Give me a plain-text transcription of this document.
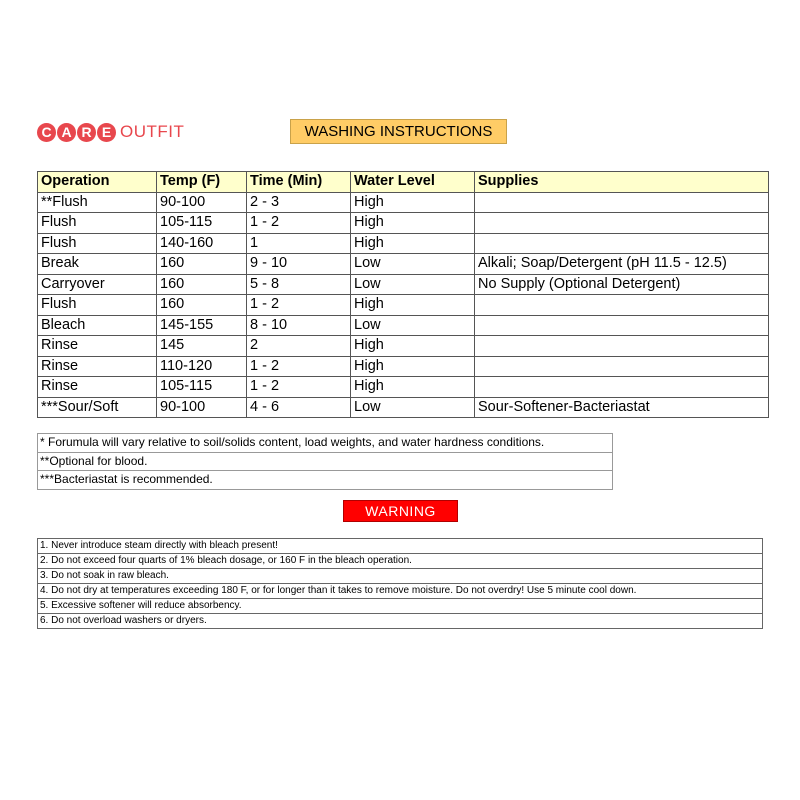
C A R E OUTFIT	WASHING INSTRUCTIONS
Operation	Temp (F)	Time (Min)	Water Level	Supplies
**Flush	90-100	2 - 3	High	
Flush	105-115	1 - 2	High	
Flush	140-160	1	High	
Break	160	9 - 10	Low	Alkali; Soap/Detergent (pH 11.5 - 12.5)
Carryover	160	5 - 8	Low	No Supply (Optional Detergent)
Flush	160	1 - 2	High	
Bleach	145-155	8 - 10	Low	
Rinse	145	2	High	
Rinse	110-120	1 - 2	High	
Rinse	105-115	1 - 2	High	
***Sour/Soft	90-100	4 - 6	Low	Sour-Softener-Bacteriastat
* Forumula will vary relative to soil/solids content, load weights, and water hardness conditions.
**Optional for blood.
***Bacteriastat is recommended.
WARNING
1. Never introduce steam directly with bleach present!
2. Do not exceed four quarts of 1% bleach dosage, or 160 F in the bleach operation.
3. Do not soak in raw bleach.
4. Do not dry at temperatures exceeding 180 F, or for longer than it takes to remove moisture. Do not overdry! Use 5 minute cool down.
5. Excessive softener will reduce absorbency.
6. Do not overload washers or dryers.
